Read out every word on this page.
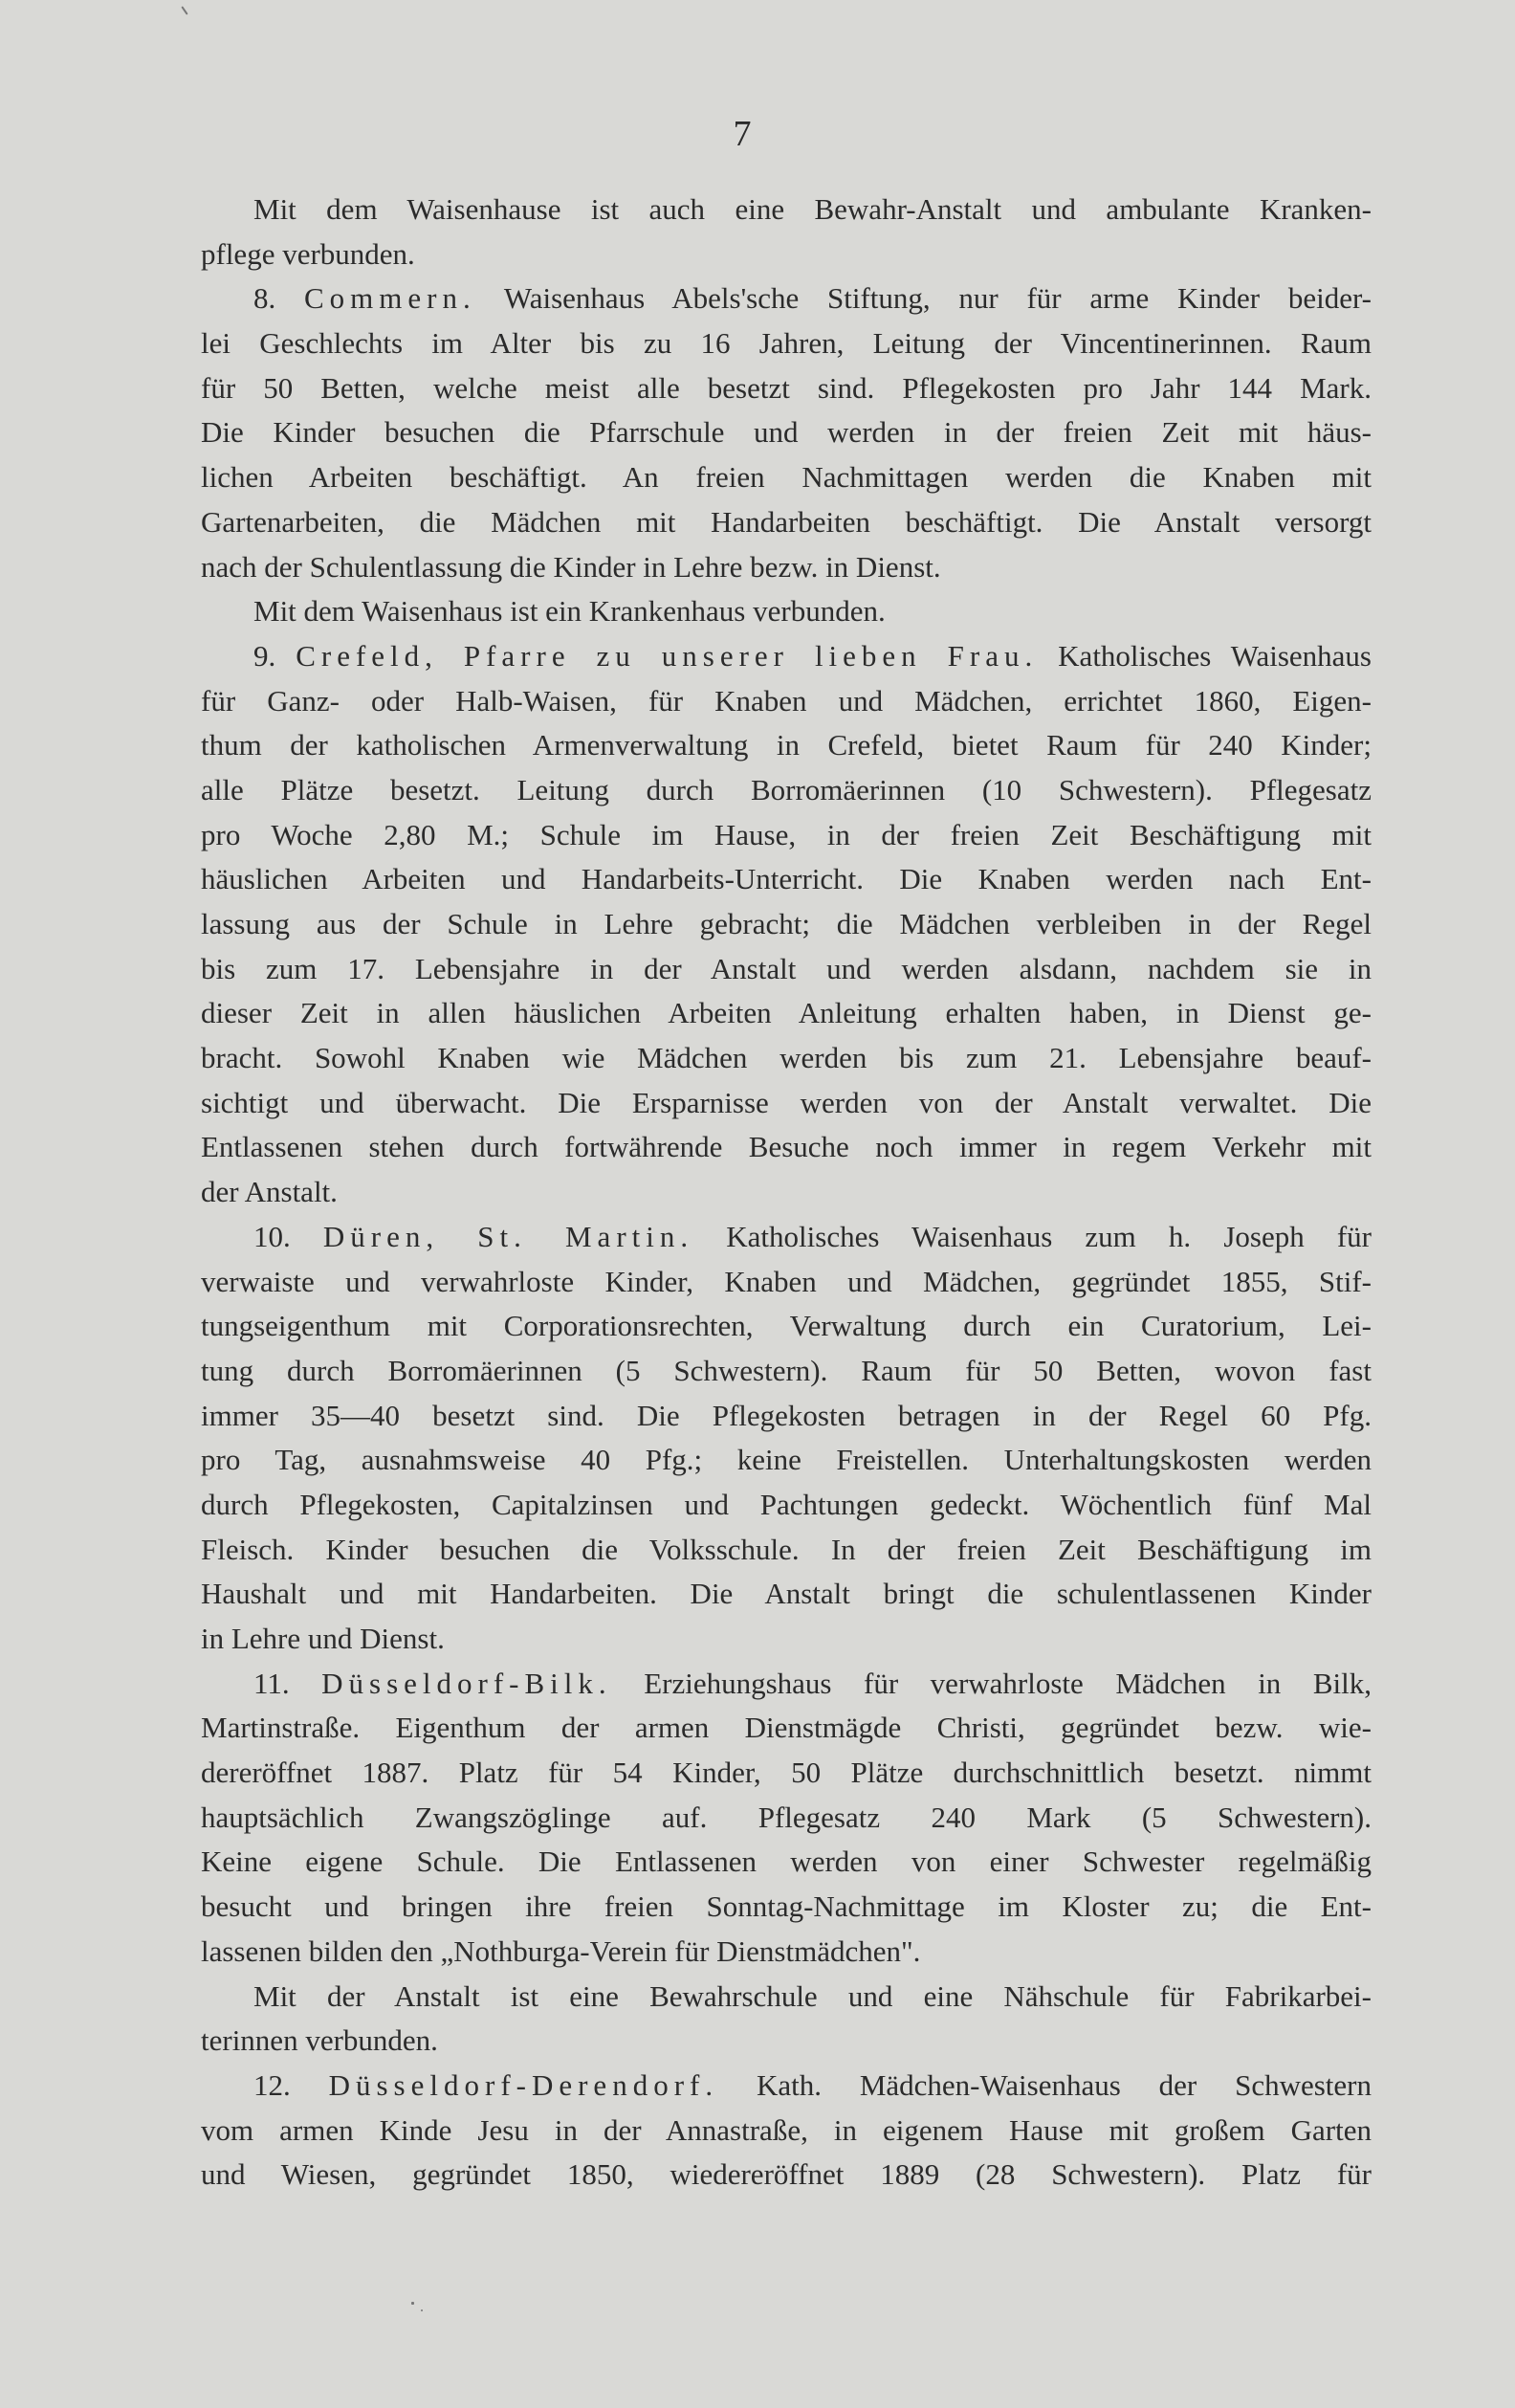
7
Mit dem Waisenhause ist auch eine Bewahr-Anstalt und ambulante Kranken-
pflege verbunden.
8. Commern. Waisenhaus Abels'sche Stiftung, nur für arme Kinder beider-
lei Geschlechts im Alter bis zu 16 Jahren, Leitung der Vincentinerinnen. Raum
für 50 Betten, welche meist alle besetzt sind. Pflegekosten pro Jahr 144 Mark.
Die Kinder besuchen die Pfarrschule und werden in der freien Zeit mit häus-
lichen Arbeiten beschäftigt. An freien Nachmittagen werden die Knaben mit
Gartenarbeiten, die Mädchen mit Handarbeiten beschäftigt. Die Anstalt versorgt
nach der Schulentlassung die Kinder in Lehre bezw. in Dienst.
Mit dem Waisenhaus ist ein Krankenhaus verbunden.
9. Crefeld, Pfarre zu unserer lieben Frau. Katholisches Waisenhaus
für Ganz- oder Halb-Waisen, für Knaben und Mädchen, errichtet 1860, Eigen-
thum der katholischen Armenverwaltung in Crefeld, bietet Raum für 240 Kinder;
alle Plätze besetzt. Leitung durch Borromäerinnen (10 Schwestern). Pflegesatz
pro Woche 2,80 M.; Schule im Hause, in der freien Zeit Beschäftigung mit
häuslichen Arbeiten und Handarbeits-Unterricht. Die Knaben werden nach Ent-
lassung aus der Schule in Lehre gebracht; die Mädchen verbleiben in der Regel
bis zum 17. Lebensjahre in der Anstalt und werden alsdann, nachdem sie in
dieser Zeit in allen häuslichen Arbeiten Anleitung erhalten haben, in Dienst ge-
bracht. Sowohl Knaben wie Mädchen werden bis zum 21. Lebensjahre beauf-
sichtigt und überwacht. Die Ersparnisse werden von der Anstalt verwaltet. Die
Entlassenen stehen durch fortwährende Besuche noch immer in regem Verkehr mit
der Anstalt.
10. Düren, St. Martin. Katholisches Waisenhaus zum h. Joseph für
verwaiste und verwahrloste Kinder, Knaben und Mädchen, gegründet 1855, Stif-
tungseigenthum mit Corporationsrechten, Verwaltung durch ein Curatorium, Lei-
tung durch Borromäerinnen (5 Schwestern). Raum für 50 Betten, wovon fast
immer 35—40 besetzt sind. Die Pflegekosten betragen in der Regel 60 Pfg.
pro Tag, ausnahmsweise 40 Pfg.; keine Freistellen. Unterhaltungskosten werden
durch Pflegekosten, Capitalzinsen und Pachtungen gedeckt. Wöchentlich fünf Mal
Fleisch. Kinder besuchen die Volksschule. In der freien Zeit Beschäftigung im
Haushalt und mit Handarbeiten. Die Anstalt bringt die schulentlassenen Kinder
in Lehre und Dienst.
11. Düsseldorf-Bilk. Erziehungshaus für verwahrloste Mädchen in Bilk,
Martinstraße. Eigenthum der armen Dienstmägde Christi, gegründet bezw. wie-
dereröffnet 1887. Platz für 54 Kinder, 50 Plätze durchschnittlich besetzt. nimmt
hauptsächlich Zwangszöglinge auf. Pflegesatz 240 Mark (5 Schwestern).
Keine eigene Schule. Die Entlassenen werden von einer Schwester regelmäßig
besucht und bringen ihre freien Sonntag-Nachmittage im Kloster zu; die Ent-
lassenen bilden den „Nothburga-Verein für Dienstmädchen".
Mit der Anstalt ist eine Bewahrschule und eine Nähschule für Fabrikarbei-
terinnen verbunden.
12. Düsseldorf-Derendorf. Kath. Mädchen-Waisenhaus der Schwestern
vom armen Kinde Jesu in der Annastraße, in eigenem Hause mit großem Garten
und Wiesen, gegründet 1850, wiedereröffnet 1889 (28 Schwestern). Platz für
